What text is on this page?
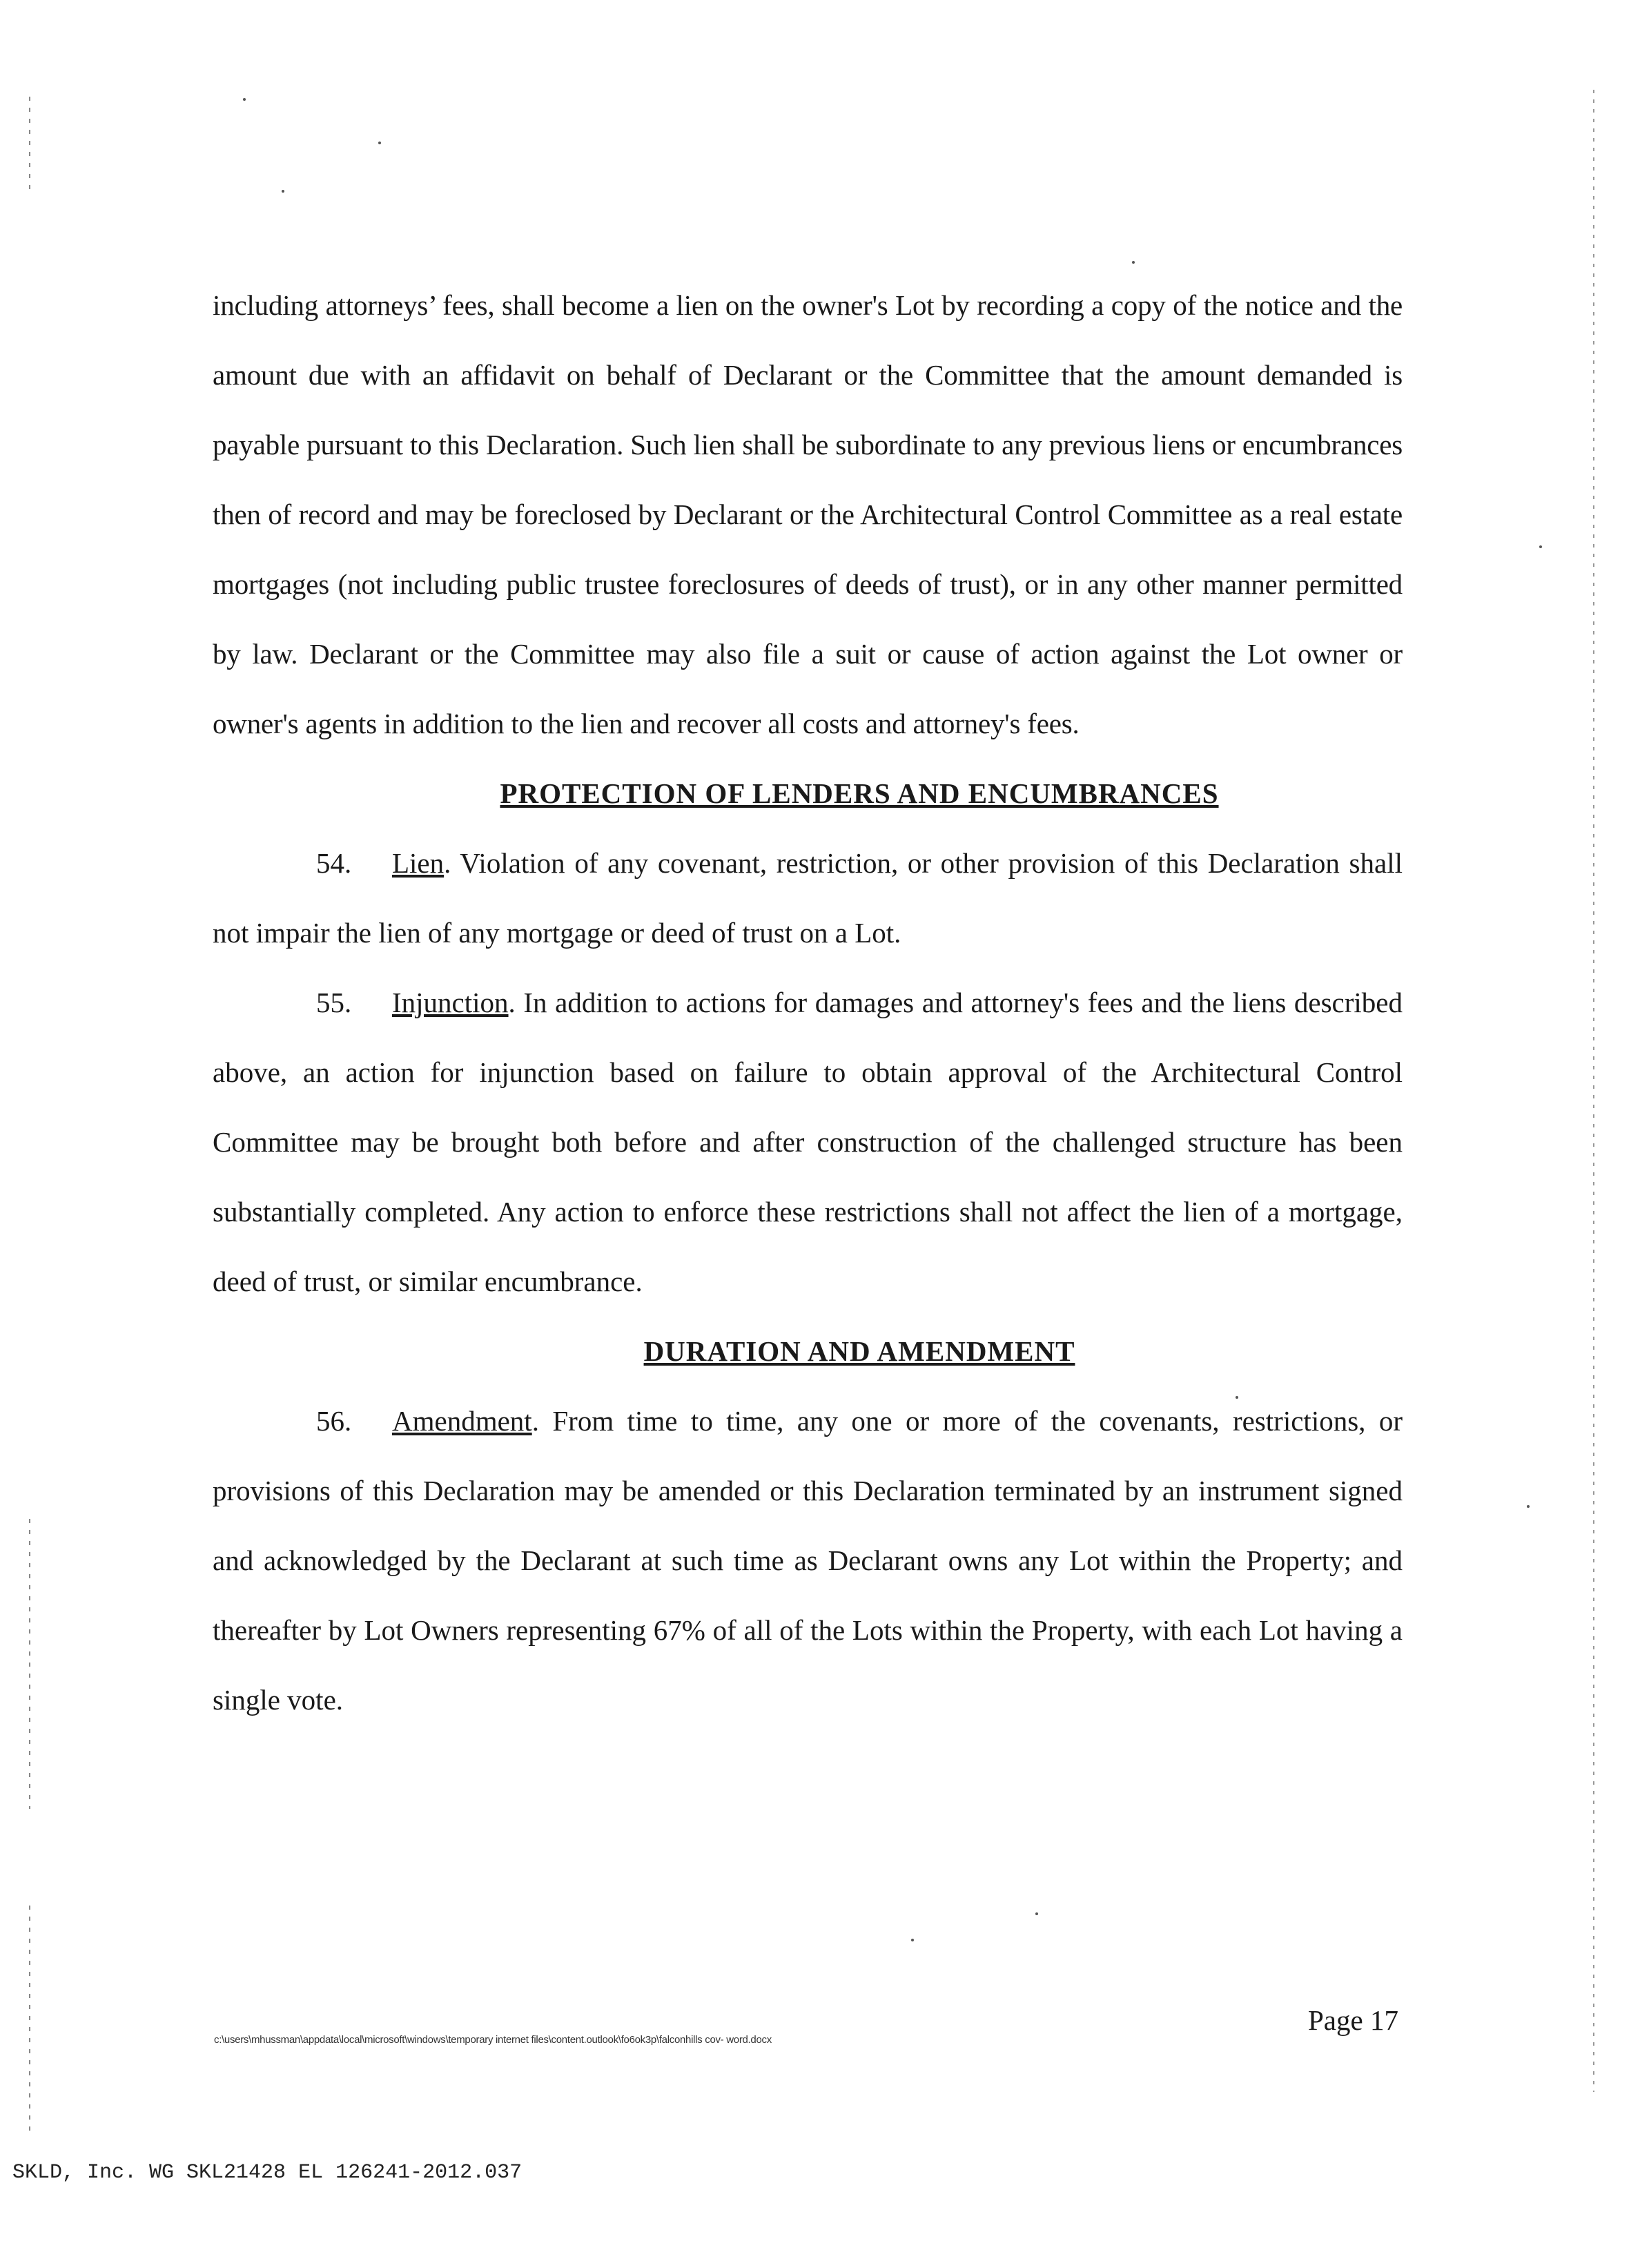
including attorneys’ fees, shall become a lien on the owner's Lot by recording a copy of the notice and the amount due with an affidavit on behalf of Declarant or the Committee that the amount demanded is payable pursuant to this Declaration. Such lien shall be subordinate to any previous liens or encumbrances then of record and may be foreclosed by Declarant or the Architectural Control Committee as a real estate mortgages (not including public trustee foreclosures of deeds of trust), or in any other manner permitted by law. Declarant or the Committee may also file a suit or cause of action against the Lot owner or owner's agents in addition to the lien and recover all costs and attorney's fees.

PROTECTION OF LENDERS AND ENCUMBRANCES

54. Lien. Violation of any covenant, restriction, or other provision of this Declaration shall not impair the lien of any mortgage or deed of trust on a Lot.

55. Injunction. In addition to actions for damages and attorney's fees and the liens described above, an action for injunction based on failure to obtain approval of the Architectural Control Committee may be brought both before and after construction of the challenged structure has been substantially completed. Any action to enforce these restrictions shall not affect the lien of a mortgage, deed of trust, or similar encumbrance.

DURATION AND AMENDMENT

56. Amendment. From time to time, any one or more of the covenants, restrictions, or provisions of this Declaration may be amended or this Declaration terminated by an instrument signed and acknowledged by the Declarant at such time as Declarant owns any Lot within the Property; and thereafter by Lot Owners representing 67% of all of the Lots within the Property, with each Lot having a single vote.

Page 17
c:\users\mhussman\appdata\local\microsoft\windows\temporary internet files\content.outlook\fo6ok3p\falconhills cov- word.docx
SKLD, Inc. WG SKL21428 EL 126241-2012.037
